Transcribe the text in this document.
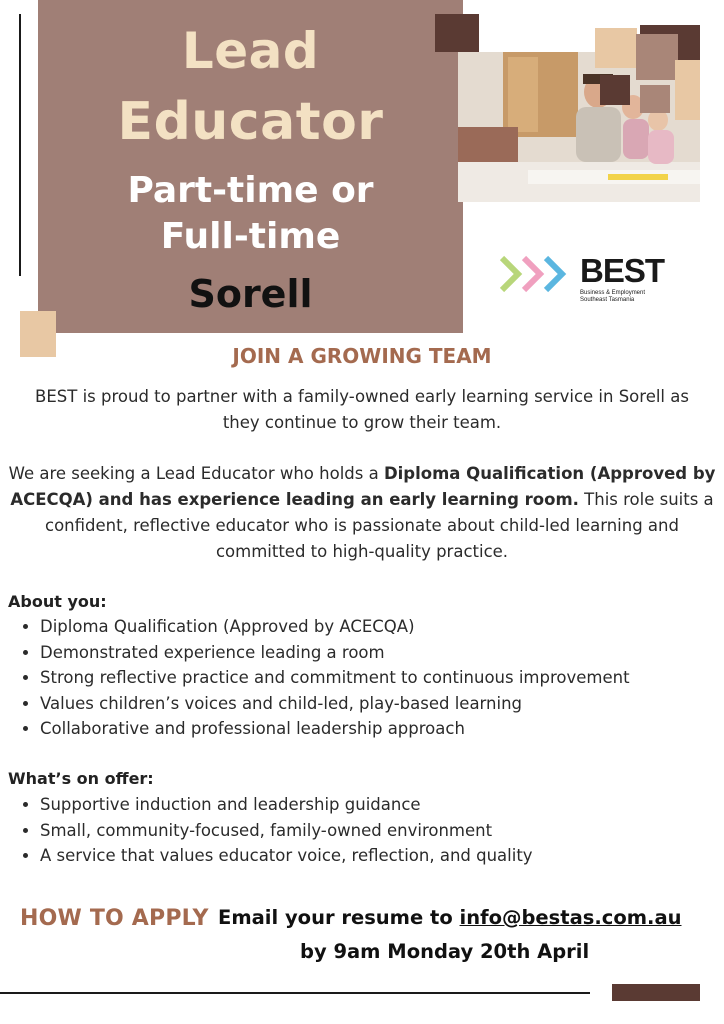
Lead

Educator

Part-time or
Full-time

Sorell

BEST
Business & Employment
Southeast Tasmania

JOIN A GROWING TEAM

BEST is proud to partner with a family-owned early learning service in Sorell as they continue to grow their team.

We are seeking a Lead Educator who holds a Diploma Qualification (Approved by ACECQA) and has experience leading an early learning room. This role suits a confident, reflective educator who is passionate about child-led learning and committed to high-quality practice.

About you:

• Diploma Qualification (Approved by ACECQA)
• Demonstrated experience leading a room
• Strong reflective practice and commitment to continuous improvement
• Values children’s voices and child-led, play-based learning
• Collaborative and professional leadership approach

What’s on offer:

• Supportive induction and leadership guidance
• Small, community-focused, family-owned environment
• A service that values educator voice, reflection, and quality

HOW TO APPLY Email your resume to info@bestas.com.au

by 9am Monday 20th April
